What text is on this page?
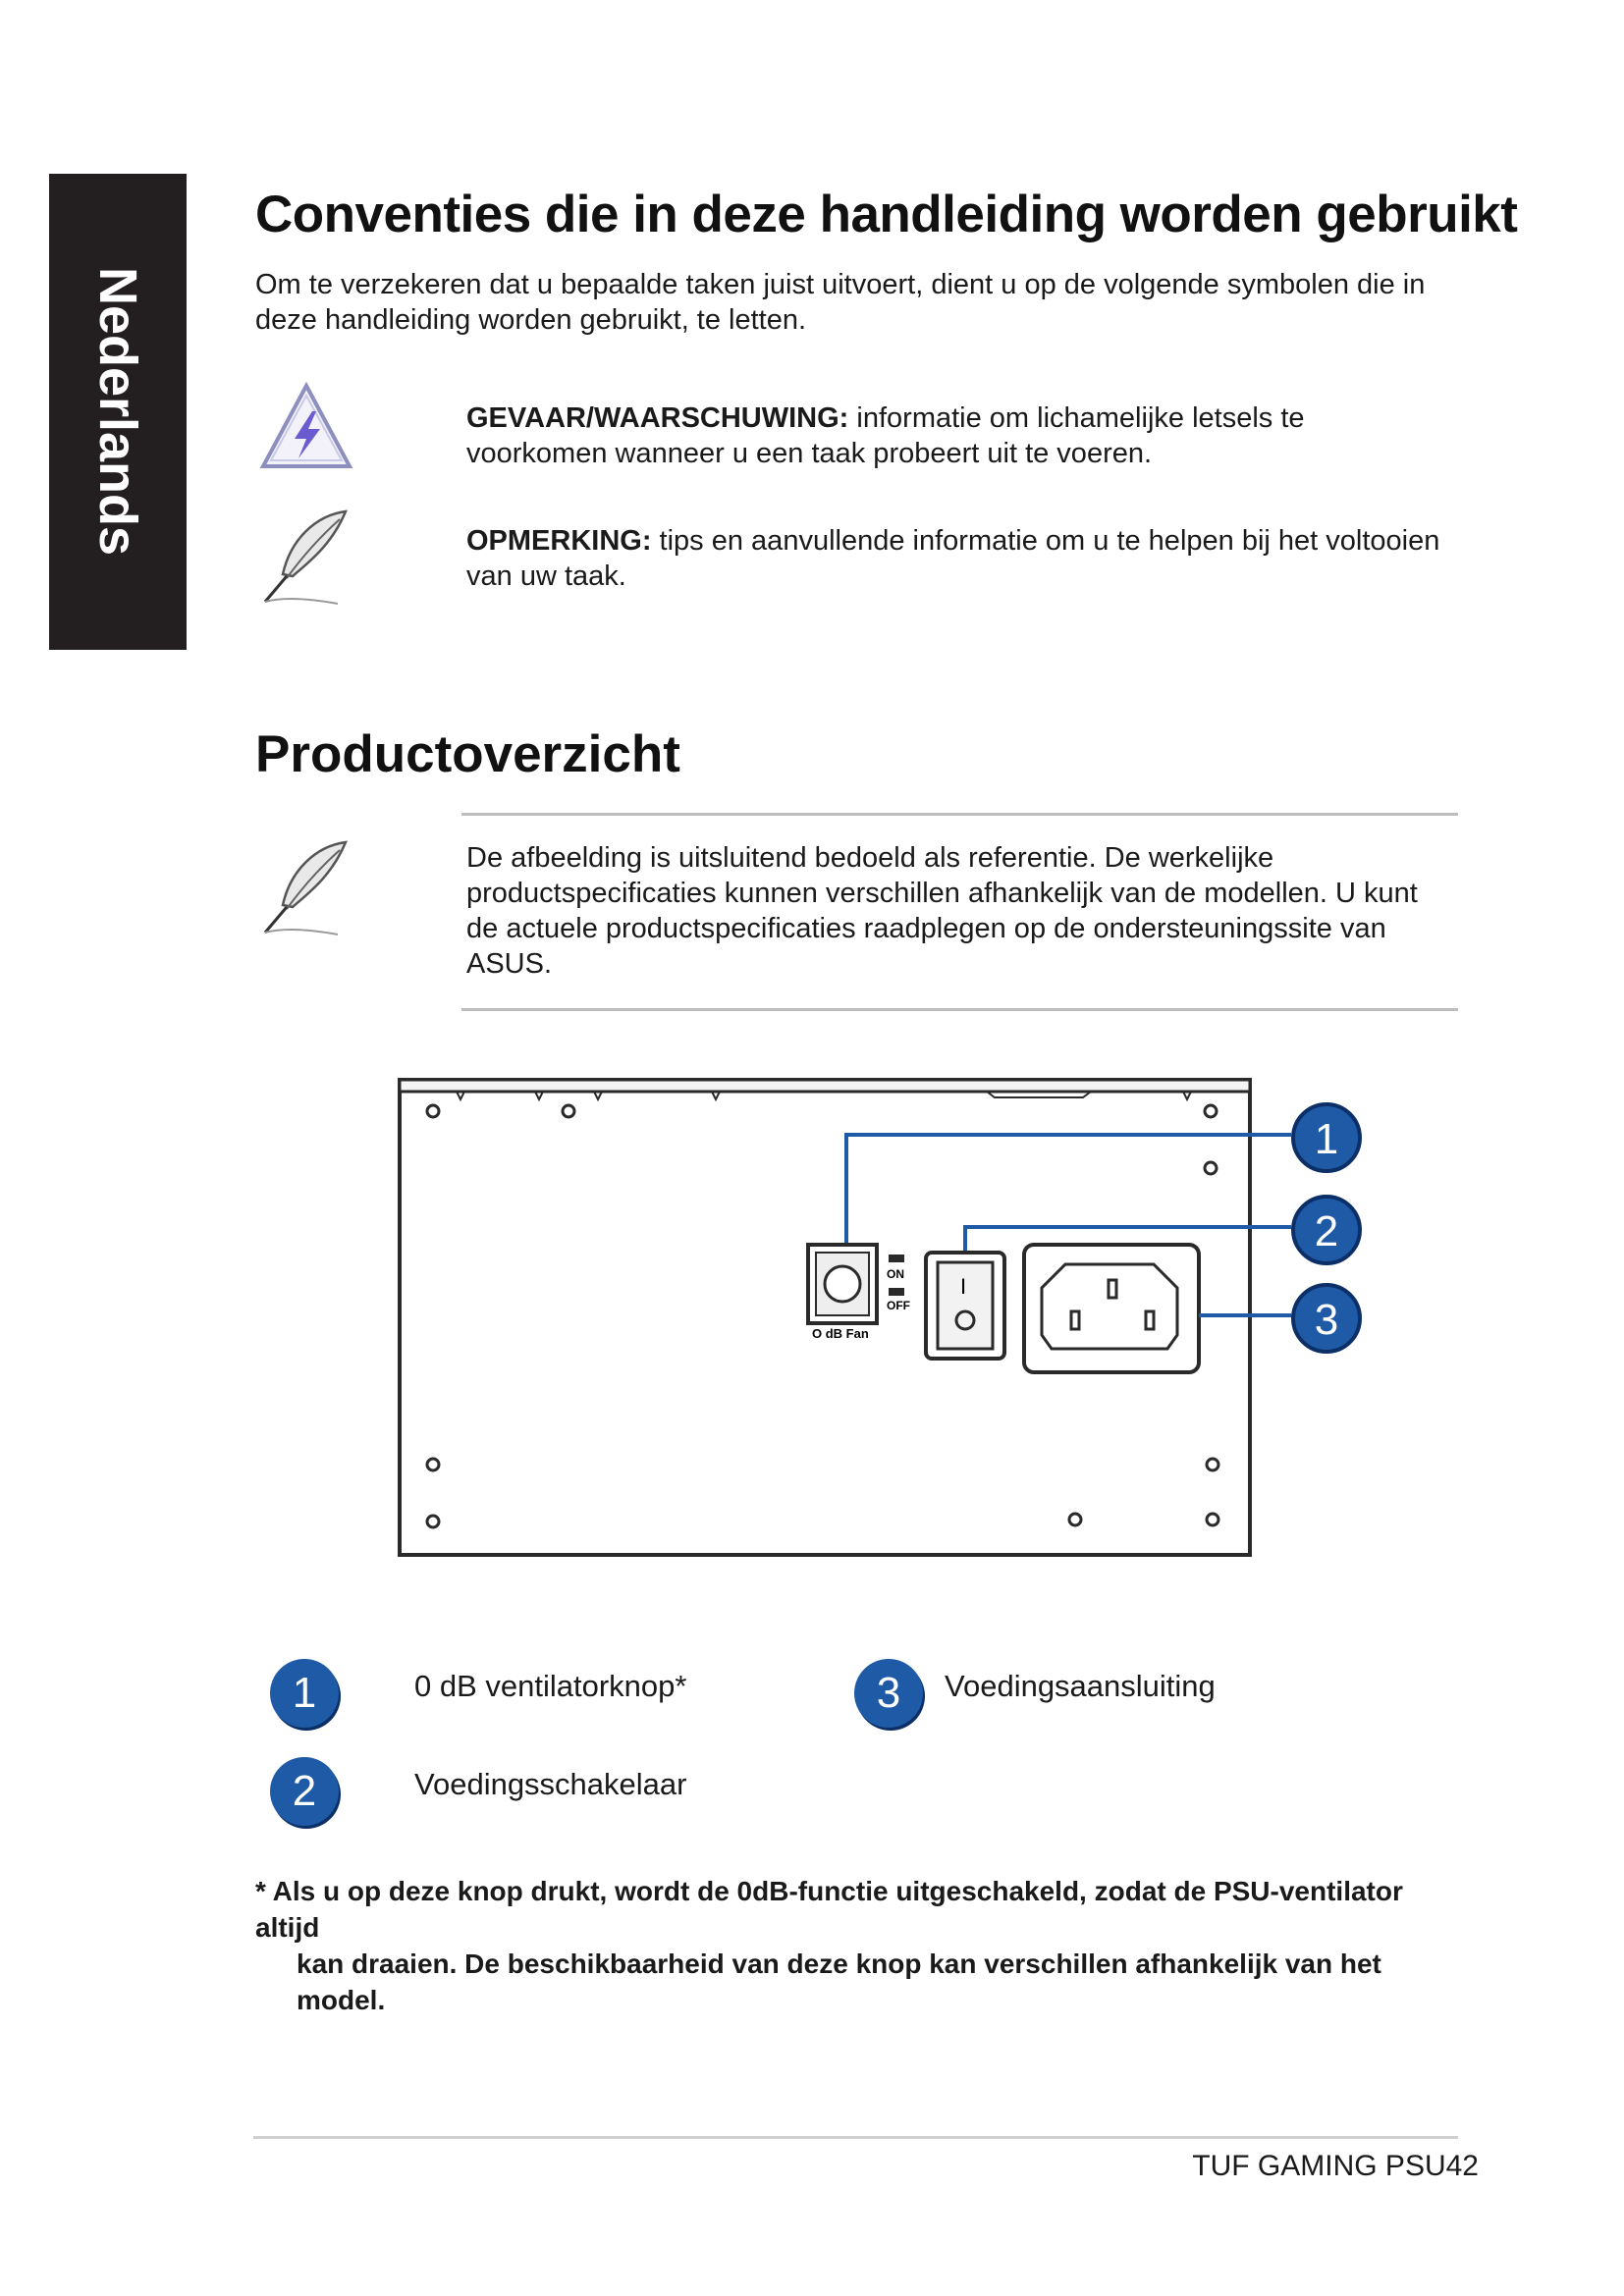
Nederlands
Conventies die in deze handleiding worden gebruikt

Om te verzekeren dat u bepaalde taken juist uitvoert, dient u op de volgende symbolen die in deze handleiding worden gebruikt, te letten.

GEVAAR/WAARSCHUWING: informatie om lichamelijke letsels te voorkomen wanneer u een taak probeert uit te voeren.

OPMERKING: tips en aanvullende informatie om u te helpen bij het voltooien van uw taak.

Productoverzicht

De afbeelding is uitsluitend bedoeld als referentie. De werkelijke productspecificaties kunnen verschillen afhankelijk van de modellen. U kunt de actuele productspecificaties raadplegen op de ondersteuningssite van ASUS.

ON
OFF
O dB Fan
I
1
2
3
1	0 dB ventilatorknop*	3	Voedingsaansluiting
2	Voedingsschakelaar
* Als u op deze knop drukt, wordt de 0dB-functie uitgeschakeld, zodat de PSU-ventilator altijd
kan draaien. De beschikbaarheid van deze knop kan verschillen afhankelijk van het model.
TUF GAMING PSU42
